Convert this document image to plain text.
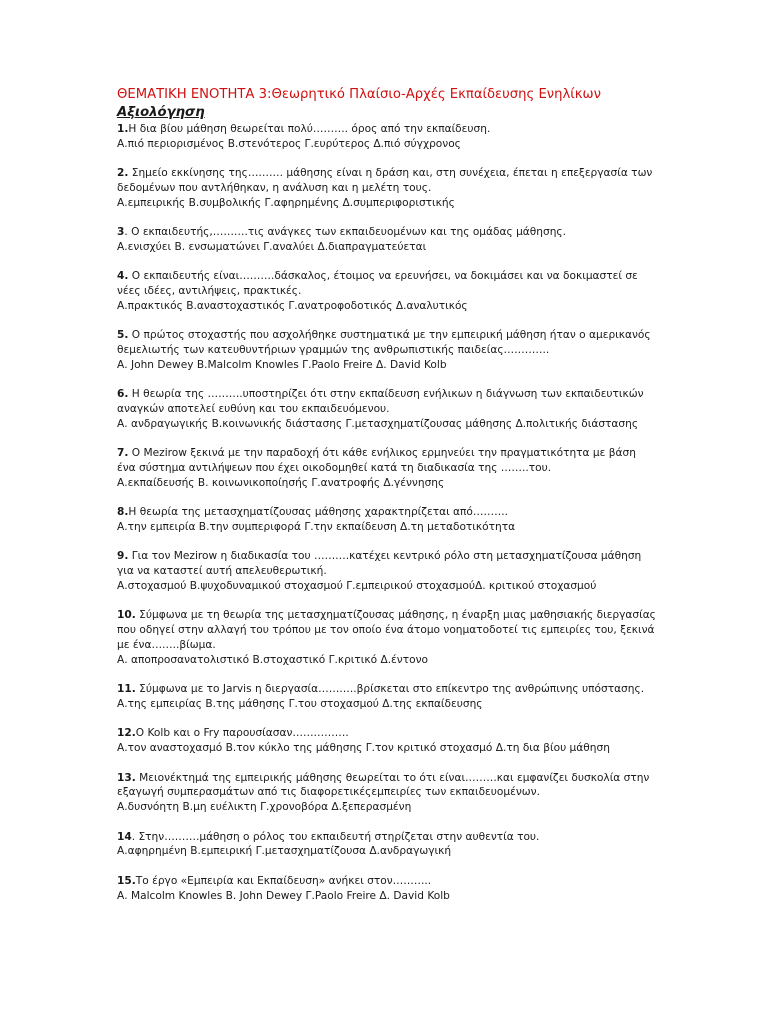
ΘΕΜΑΤΙΚΗ ΕΝΟΤΗΤΑ 3:Θεωρητικό Πλαίσιο-Αρχές Εκπαίδευσης Ενηλίκων
Αξιολόγηση
1.Η δια βίου μάθηση θεωρείται πολύ………. όρος από την εκπαίδευση.
Α.πιό περιορισμένος Β.στενότερος Γ.ευρύτερος Δ.πιό σύγχρονος
2. Σημείο εκκίνησης της………. μάθησης είναι η δράση και, στη συνέχεια, έπεται η επεξεργασία των δεδομένων που αντλήθηκαν, η ανάλυση και η μελέτη τους.
Α.εμπειρικής Β.συμβολικής Γ.αφηρημένης Δ.συμπεριφοριστικής
3. Ο εκπαιδευτής,……….τις ανάγκες των εκπαιδευομένων και της ομάδας μάθησης.
Α.ενισχύει Β. ενσωματώνει Γ.αναλύει Δ.διαπραγματεύεται
4. Ο εκπαιδευτής είναι……….δάσκαλος, έτοιμος να ερευνήσει, να δοκιμάσει και να δοκιμαστεί σε νέες ιδέες, αντιλήψεις, πρακτικές.
Α.πρακτικός Β.αναστοχαστικός Γ.ανατροφοδοτικός Δ.αναλυτικός
5. Ο πρώτος στοχαστής που ασχολήθηκε συστηματικά με την εμπειρική μάθηση ήταν ο αμερικανός θεμελιωτής των κατευθυντήριων γραμμών της ανθρωπιστικής παιδείας………….
Α. John Dewey Β.Malcolm Knowles Γ.Paolo Freire Δ. David Kolb
6. Η θεωρία της ……….υποστηρίζει ότι στην εκπαίδευση ενήλικων η διάγνωση των εκπαιδευτικών αναγκών αποτελεί ευθύνη και του εκπαιδευόμενου.
Α. ανδραγωγικής Β.κοινωνικής διάστασης Γ.μετασχηματίζουσας μάθησης Δ.πολιτικής διάστασης
7. Ο Mezirow ξεκινά με την παραδοχή ότι κάθε ενήλικος ερμηνεύει την πραγματικότητα με βάση ένα σύστημα αντιλήψεων που έχει οικοδομηθεί κατά τη διαδικασία της ……..του.
Α.εκπαίδευσής Β. κοινωνικοποίησής Γ.ανατροφής Δ.γέννησης
8.Η θεωρία της μετασχηματίζουσας μάθησης χαρακτηρίζεται από……….
Α.την εμπειρία Β.την συμπεριφορά Γ.την εκπαίδευση Δ.τη μεταδοτικότητα
9. Για τον Mezirow η διαδικασία του ……….κατέχει κεντρικό ρόλο στη μετασχηματίζουσα μάθηση για να καταστεί αυτή απελευθερωτική.
Α.στοχασμού Β.ψυχοδυναμικού στοχασμού Γ.εμπειρικού στοχασμούΔ. κριτικού στοχασμού
10. Σύμφωνα με τη θεωρία της μετασχηματίζουσας μάθησης, η έναρξη μιας μαθησιακής διεργασίας που οδηγεί στην αλλαγή του τρόπου με τον οποίο ένα άτομο νοηματοδοτεί τις εμπειρίες του, ξεκινά με ένα……..βίωμα.
Α. αποπροσανατολιστικό Β.στοχαστικό Γ.κριτικό Δ.έντονο
11. Σύμφωνα με το Jarvis η διεργασία………..βρίσκεται στο επίκεντρο της ανθρώπινης υπόστασης.
Α.της εμπειρίας Β.της μάθησης Γ.του στοχασμού Δ.της εκπαίδευσης
12.Ο Kolb και ο Fry παρουσίασαν…………….
Α.τον αναστοχασμό Β.τον κύκλο της μάθησης Γ.τον κριτικό στοχασμό Δ.τη δια βίου μάθηση
13. Μειονέκτημά της εμπειρικής μάθησης θεωρείται το ότι είναι………και εμφανίζει δυσκολία στην εξαγωγή συμπερασμάτων από τις διαφορετικέςεμπειρίες των εκπαιδευομένων.
Α.δυσνόητη Β.μη ευέλικτη Γ.χρονοβόρα Δ.ξεπερασμένη
14. Στην……….μάθηση ο ρόλος του εκπαιδευτή στηρίζεται στην αυθεντία του.
Α.αφηρημένη Β.εμπειρική Γ.μετασχηματίζουσα Δ.ανδραγωγική
15.Το έργο «Εμπειρία και Εκπαίδευση» ανήκει στον………..
Α. Malcolm Knowles Β. John Dewey Γ.Paolo Freire Δ. David Kolb
